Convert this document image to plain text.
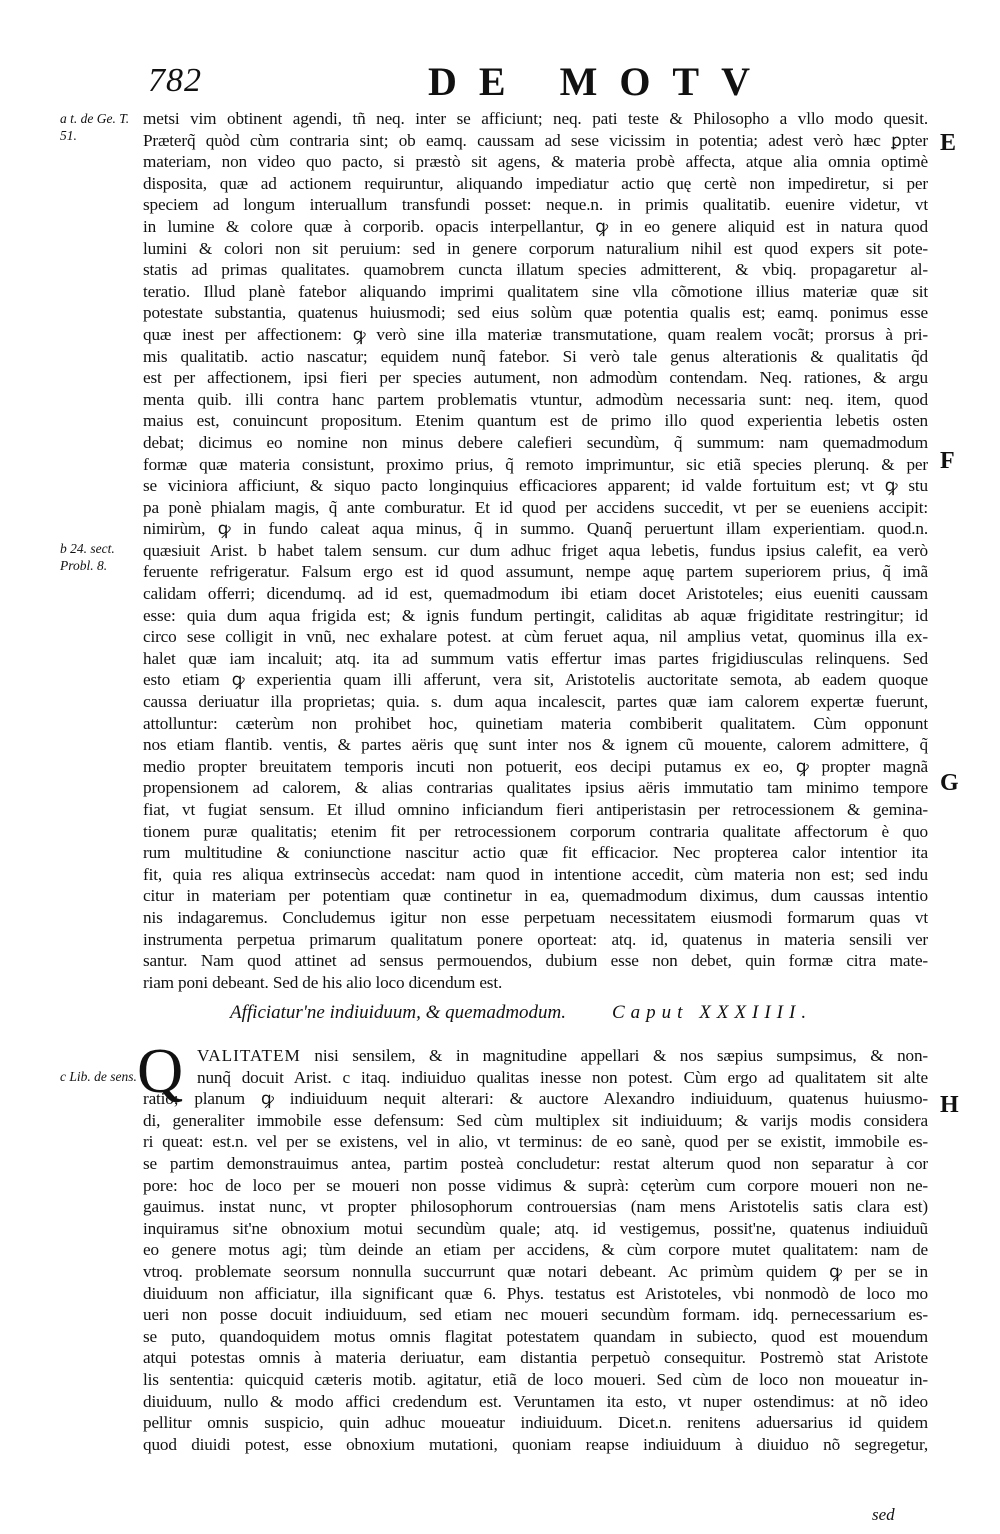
782	DE MOTV
a t. de Ge. T. 51.
b 24. sect. Probl. 8.
c Lib. de sens.
E
F
G
H
metsi vim obtinent agendi, tñ neq. inter se afficiunt; neq. pati teste & Philosopho a vllo modo quesit.
Præterq̃ quòd cùm contraria sint; ob eamq. caussam ad sese vicissim in potentia; adest verò hæc ꝑpter
materiam, non video quo pacto, si præstò sit agens, & materia probè affecta, atque alia omnia optimè
disposita, quæ ad actionem requiruntur, aliquando impediatur actio quę certè non impediretur, si per
speciem ad longum interuallum transfundi posset: neque.n. in primis qualitatib. euenire videtur, vt
in lumine & colore quæ à corporib. opacis interpellantur, ꝙ in eo genere aliquid est in natura quod
lumini & colori non sit peruium: sed in genere corporum naturalium nihil est quod expers sit pote-
statis ad primas qualitates. quamobrem cuncta illatum species admitterent, & vbiq. propagaretur al-
teratio. Illud planè fatebor aliquando imprimi qualitatem sine vlla cõmotione illius materiæ quæ sit
potestate substantia, quatenus huiusmodi; sed eius solùm quæ potentia qualis est; eamq. ponimus esse
quæ inest per affectionem: ꝙ verò sine illa materiæ transmutatione, quam realem vocãt; prorsus à pri-
mis qualitatib. actio nascatur; equidem nunq̃ fatebor. Si verò tale genus alterationis & qualitatis q̃d
est per affectionem, ipsi fieri per species autument, non admodùm contendam. Neq. rationes, & argu
menta quib. illi contra hanc partem problematis vtuntur, admodùm necessaria sunt: neq. item, quod
maius est, conuincunt propositum. Etenim quantum est de primo illo quod experientia lebetis osten
debat; dicimus eo nomine non minus debere calefieri secundùm, q̃ summum: nam quemadmodum
formæ quæ materia consistunt, proximo prius, q̃ remoto imprimuntur, sic etiã species plerunq. & per
se viciniora afficiunt, & siquo pacto longinquius efficaciores apparent; id valde fortuitum est; vt ꝙ stu
pa ponè phialam magis, q̃ ante comburatur. Et id quod per accidens succedit, vt per se eueniens accipit:
nimirùm, ꝙ in fundo caleat aqua minus, q̃ in summo. Quanq̃ peruertunt illam experientiam. quod.n.
quæsiuit Arist. b habet talem sensum. cur dum adhuc friget aqua lebetis, fundus ipsius calefit, ea verò
feruente refrigeratur. Falsum ergo est id quod assumunt, nempe aquę partem superiorem prius, q̃ imã
calidam offerri; dicendumq. ad id est, quemadmodum ibi etiam docet Aristoteles; eius eueniti caussam
esse: quia dum aqua frigida est; & ignis fundum pertingit, caliditas ab aquæ frigiditate restringitur; id
circo sese colligit in vnũ, nec exhalare potest. at cùm feruet aqua, nil amplius vetat, quominus illa ex-
halet quæ iam incaluit; atq. ita ad summum vatis effertur imas partes frigidiusculas relinquens. Sed
esto etiam ꝙ experientia quam illi afferunt, vera sit, Aristotelis auctoritate semota, ab eadem quoque
caussa deriuatur illa proprietas; quia. s. dum aqua incalescit, partes quæ iam calorem expertæ fuerunt,
attolluntur: cæterùm non prohibet hoc, quinetiam materia combiberit qualitatem. Cùm opponunt
nos etiam flantib. ventis, & partes aëris quę sunt inter nos & ignem cũ mouente, calorem admittere, q̃
medio propter breuitatem temporis incuti non potuerit, eos decipi putamus ex eo, ꝙ propter magnã
propensionem ad calorem, & alias contrarias qualitates ipsius aëris immutatio tam minimo tempore
fiat, vt fugiat sensum. Et illud omnino inficiandum fieri antiperistasin per retrocessionem & gemina-
tionem puræ qualitatis; etenim fit per retrocessionem corporum contraria qualitate affectorum è quo
rum multitudine & coniunctione nascitur actio quæ fit efficacior. Nec propterea calor intentior ita
fit, quia res aliqua extrinsecùs accedat: nam quod in intentione accedit, cùm materia non est; sed indu
citur in materiam per potentiam quæ continetur in ea, quemadmodum diximus, dum caussas intentio
nis indagaremus. Concludemus igitur non esse perpetuam necessitatem eiusmodi formarum quas vt
instrumenta perpetua primarum qualitatum ponere oporteat: atq. id, quatenus in materia sensili ver
santur. Nam quod attinet ad sensus permouendos, dubium esse non debet, quin formæ citra mate-
riam poni debeant. Sed de his alio loco dicendum est.
Afficiatur'ne indiuiduum, & quemadmodum. Caput XXXIIII.
Q VALITATEM nisi sensilem, & in magnitudine appellari & nos sæpius sumpsimus, & non-
nunq̃ docuit Arist. c itaq. indiuiduo qualitas inesse non potest. Cùm ergo ad qualitatem sit alte
ratio; planum ꝙ indiuiduum nequit alterari: & auctore Alexandro indiuiduum, quatenus huiusmo-
di, generaliter immobile esse defensum: Sed cùm multiplex sit indiuiduum; & varijs modis considera
ri queat: est.n. vel per se existens, vel in alio, vt terminus: de eo sanè, quod per se existit, immobile es-
se partim demonstrauimus antea, partim posteà concludetur: restat alterum quod non separatur à cor
pore: hoc de loco per se moueri non posse vidimus & suprà: cęterùm cum corpore moueri non ne-
gauimus. instat nunc, vt propter philosophorum controuersias (nam mens Aristotelis satis clara est)
inquiramus sit'ne obnoxium motui secundùm quale; atq. id vestigemus, possit'ne, quatenus indiuiduũ
eo genere motus agi; tùm deinde an etiam per accidens, & cùm corpore mutet qualitatem: nam de
vtroq. problemate seorsum nonnulla succurrunt quæ notari debeant. Ac primùm quidem ꝙ per se in
diuiduum non afficiatur, illa significant quæ 6. Phys. testatus est Aristoteles, vbi nonmodò de loco mo
ueri non posse docuit indiuiduum, sed etiam nec moueri secundùm formam. idq. pernecessarium es-
se puto, quandoquidem motus omnis flagitat potestatem quandam in subiecto, quod est mouendum
atqui potestas omnis à materia deriuatur, eam distantia perpetuò consequitur. Postremò stat Aristote
lis sententia: quicquid cæteris motib. agitatur, etiã de loco moueri. Sed cùm de loco non moueatur in-
diuiduum, nullo & modo affici credendum est. Veruntamen ita esto, vt nuper ostendimus: at nõ ideo
pellitur omnis suspicio, quin adhuc moueatur indiuiduum. Dicet.n. renitens aduersarius id quidem
quod diuidi potest, esse obnoxium mutationi, quoniam reapse indiuiduum à diuiduo nõ segregetur,
sed
